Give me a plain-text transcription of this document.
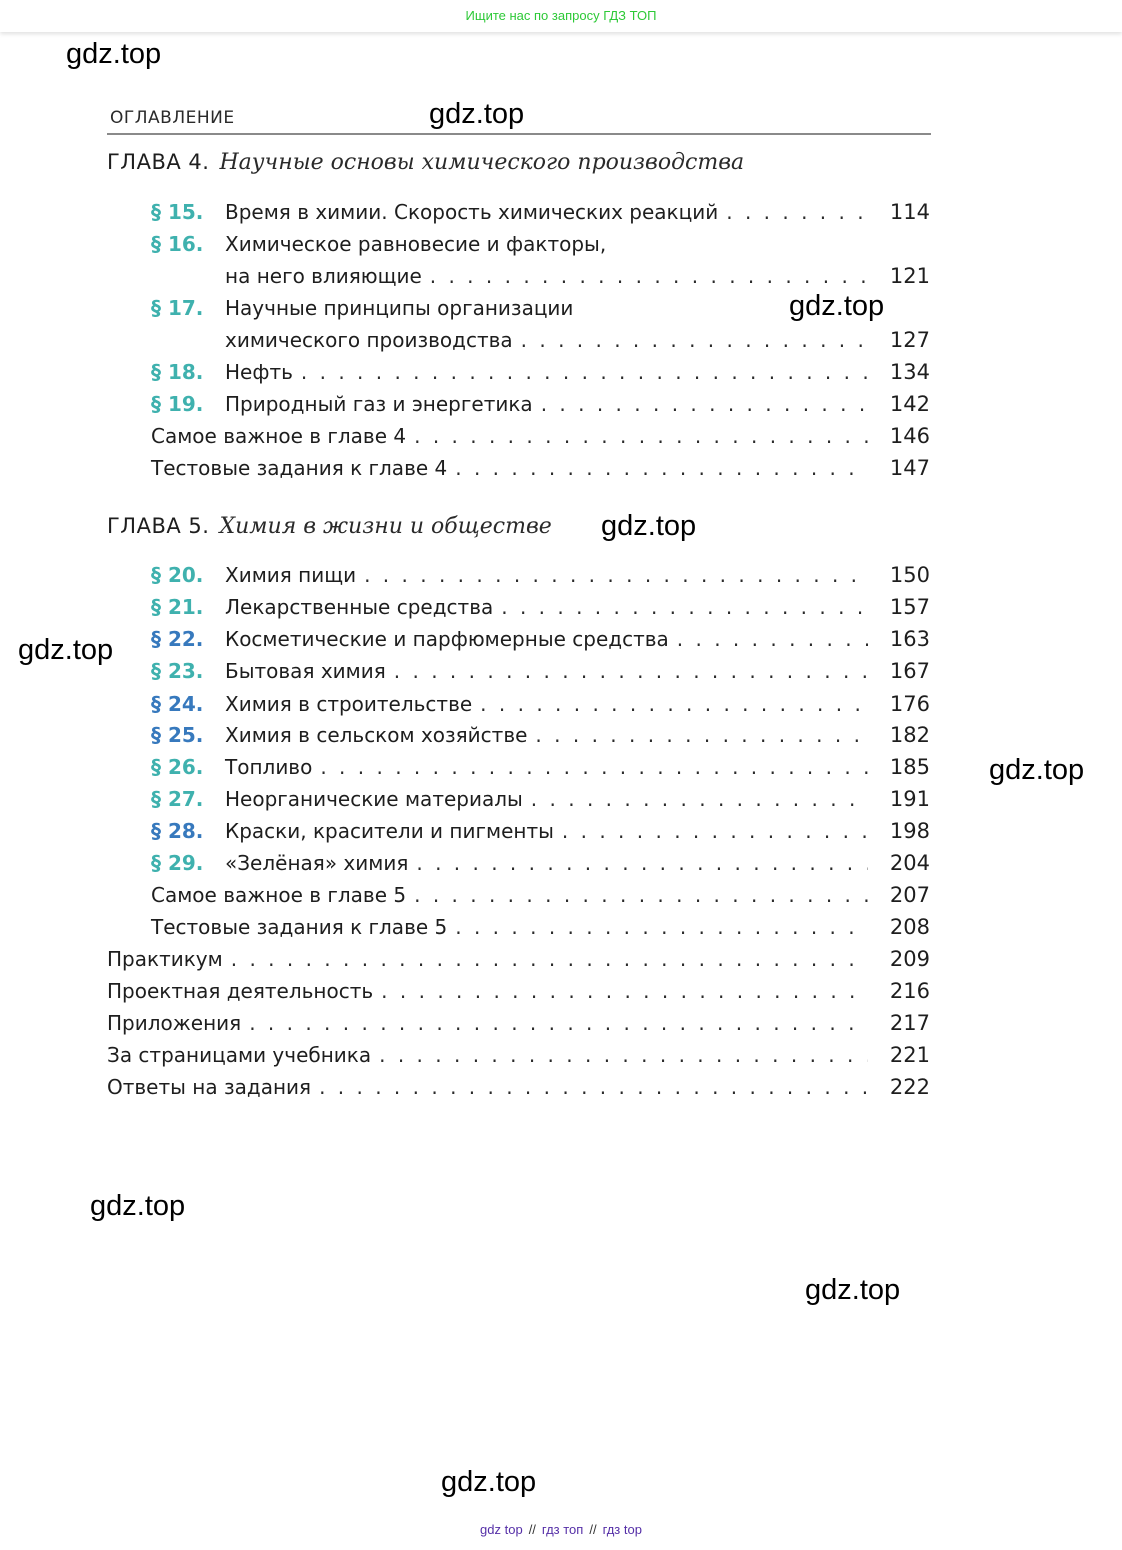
Ищите нас по запросу ГДЗ ТОП
gdz.top
gdz.top
gdz.top
gdz.top
gdz.top
gdz.top
gdz.top
gdz.top
gdz.top
ОГЛАВЛЕНИЕ
ГЛАВА 4. Научные основы химического производства
§ 15.	Время в химии. Скорость химических реакций . . .	114
§ 16. Химическое равновесие и факторы,
на него влияющие . . .	121
§ 17. Научные принципы организации
химического производства . . .	127
§ 18.	Нефть . . .	134
§ 19.	Природный газ и энергетика . . .	142
Самое важное в главе 4 . . .	146
Тестовые задания к главе 4 . . .	147
ГЛАВА 5. Химия в жизни и обществе
§ 20.	Химия пищи . . .	150
§ 21.	Лекарственные средства . . .	157
§ 22.	Косметические и парфюмерные средства . . .	163
§ 23.	Бытовая химия . . .	167
§ 24.	Химия в строительстве . . .	176
§ 25.	Химия в сельском хозяйстве . . .	182
§ 26.	Топливо . . .	185
§ 27.	Неорганические материалы . . .	191
§ 28.	Краски, красители и пигменты . . .	198
§ 29.	«Зелёная» химия . . .	204
Самое важное в главе 5 . . .	207
Тестовые задания к главе 5 . . .	208
Практикум . . .	209
Проектная деятельность . . .	216
Приложения . . .	217
За страницами учебника . . .	221
Ответы на задания . . .	222
gdz top // гдз топ // гдз top
